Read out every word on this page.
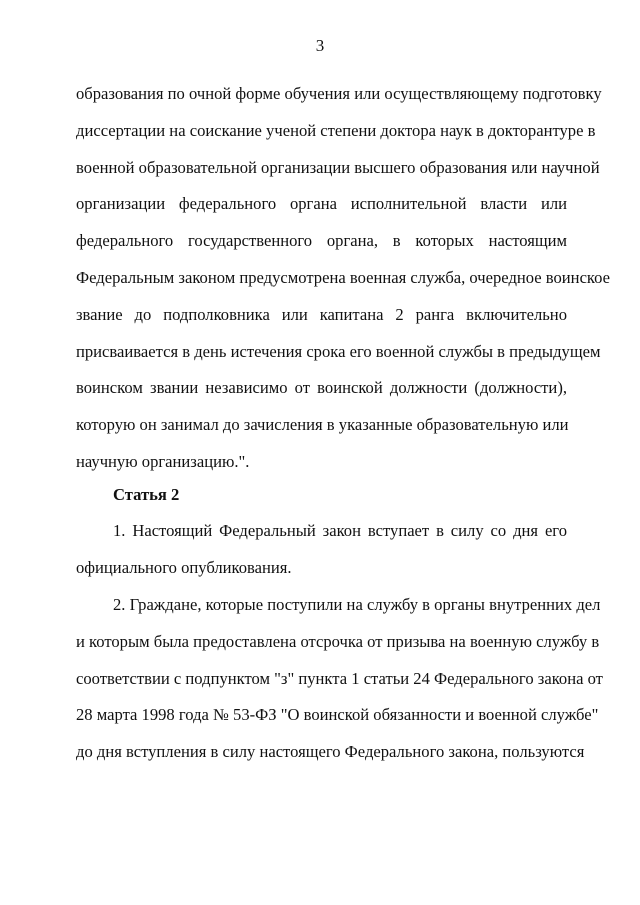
3
образования по очной форме обучения или осуществляющему подготовку
диссертации на соискание ученой степени доктора наук в докторантуре в
военной образовательной организации высшего образования или научной
организации федерального органа исполнительной власти или
федерального государственного органа, в которых настоящим
Федеральным законом предусмотрена военная служба, очередное воинское
звание до подполковника или капитана 2 ранга включительно
присваивается в день истечения срока его военной службы в предыдущем
воинском звании независимо от воинской должности (должности),
которую он занимал до зачисления в указанные образовательную или
научную организацию.".
Статья 2
1. Настоящий Федеральный закон вступает в силу со дня его
официального опубликования.
2. Граждане, которые поступили на службу в органы внутренних дел
и которым была предоставлена отсрочка от призыва на военную службу в
соответствии с подпунктом "з" пункта 1 статьи 24 Федерального закона от
28 марта 1998 года № 53-ФЗ "О воинской обязанности и военной службе"
до дня вступления в силу настоящего Федерального закона, пользуются
